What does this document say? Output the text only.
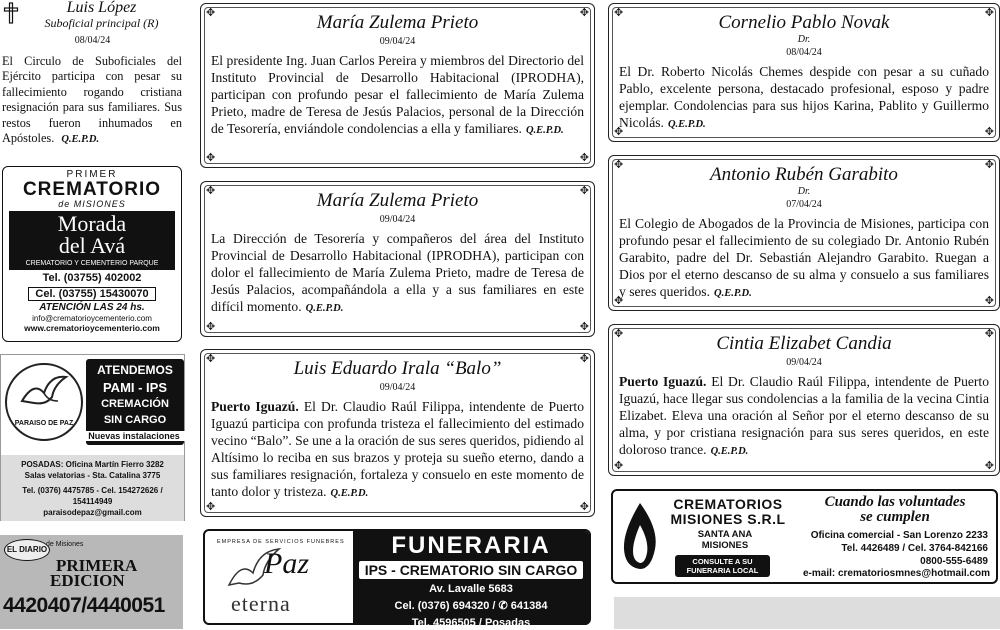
Luis López
Suboficial principal (R)
08/04/24
El Circulo de Suboficiales del Ejército participa con pesar su fallecimiento rogando cristiana resignación para sus familiares. Sus restos fueron inhumados en Apóstoles. Q.E.P.D.
PRIMER
CREMATORIO
de MISIONES
Morada
del Avá
CREMATORIO Y CEMENTERIO PARQUE
Tel. (03755) 402002
Cel. (03755) 15430070
ATENCIÓN LAS 24 hs.
info@crematorioycementerio.com
www.crematorioycementerio.com
PARAISO DE PAZ
ATENDEMOS
PAMI - IPS
CREMACIÓN
SIN CARGO
Nuevas instalaciones
POSADAS: Oficina Martín Fierro 3282
Salas velatorias - Sta. Catalina 3775
Tel. (0376) 4475785 - Cel. 154272626 / 154114949
paraisodepaz@gmail.com
EL DIARIO
de Misiones
PRIMERA
EDICION
4420407/4440051
✥	✥
✥	✥
María Zulema Prieto
09/04/24
El presidente Ing. Juan Carlos Pereira y miembros del Directorio del Instituto Provincial de Desarrollo Habitacional (IPRODHA), participan con profundo pesar el fallecimiento de María Zulema Prieto, madre de Teresa de Jesús Palacios, personal de la Dirección de Tesorería, enviándole condolencias a ella y familiares. Q.E.P.D.
✥	✥
✥	✥
María Zulema Prieto
09/04/24
La Dirección de Tesorería y compañeros del área del Instituto Provincial de Desarrollo Habitacional (IPRODHA), participan con dolor el fallecimiento de María Zulema Prieto, madre de Teresa de Jesús Palacios, acompañándola a ella y a sus familiares en este difícil momento. Q.E.P.D.
✥	✥
✥	✥
Luis Eduardo Irala “Balo”
09/04/24
Puerto Iguazú. El Dr. Claudio Raúl Filippa, intendente de Puerto Iguazú participa con profunda tristeza el fallecimiento del estimado vecino “Balo”. Se une a la oración de sus seres queridos, pidiendo al Altísimo lo reciba en sus brazos y proteja su sueño eterno, dando a sus familiares resignación, fortaleza y consuelo en este momento de tanto dolor y tristeza. Q.E.P.D.
EMPRESA DE SERVICIOS FUNEBRES
Paz
eterna
FUNERARIA
IPS - CREMATORIO SIN CARGO
Av. Lavalle 5683
Cel. (0376) 694320 / ✆ 641384
Tel. 4596505 / Posadas
✥	✥
✥	✥
Cornelio Pablo Novak
Dr.
08/04/24
El Dr. Roberto Nicolás Chemes despide con pesar a su cuñado Pablo, excelente persona, destacado profesional, esposo y padre ejemplar. Condolencias para sus hijos Karina, Pablito y Guillermo Nicolás. Q.E.P.D.
✥	✥
✥	✥
Antonio Rubén Garabito
Dr.
07/04/24
El Colegio de Abogados de la Provincia de Misiones, participa con profundo pesar el fallecimiento de su colegiado Dr. Antonio Rubén Garabito, padre del Dr. Sebastián Alejandro Garabito. Ruegan a Dios por el eterno descanso de su alma y consuelo a sus familiares y seres queridos. Q.E.P.D.
✥	✥
✥	✥
Cintia Elizabet Candia
09/04/24
Puerto Iguazú. El Dr. Claudio Raúl Filippa, intendente de Puerto Iguazú, hace llegar sus condolencias a la familia de la vecina Cintia Elizabet. Eleva una oración al Señor por el eterno descanso de su alma, y por cristiana resignación para sus seres queridos, en este doloroso trance. Q.E.P.D.
CREMATORIOS
MISIONES S.R.L
SANTA ANA
MISIONES
CONSULTE A SU FUNERARIA LOCAL
Cuando las voluntades
se cumplen
Oficina comercial - San Lorenzo 2233
Tel. 4426489 / Cel. 3764-842166
0800-555-6489
e-mail: crematoriosmnes@hotmail.com
